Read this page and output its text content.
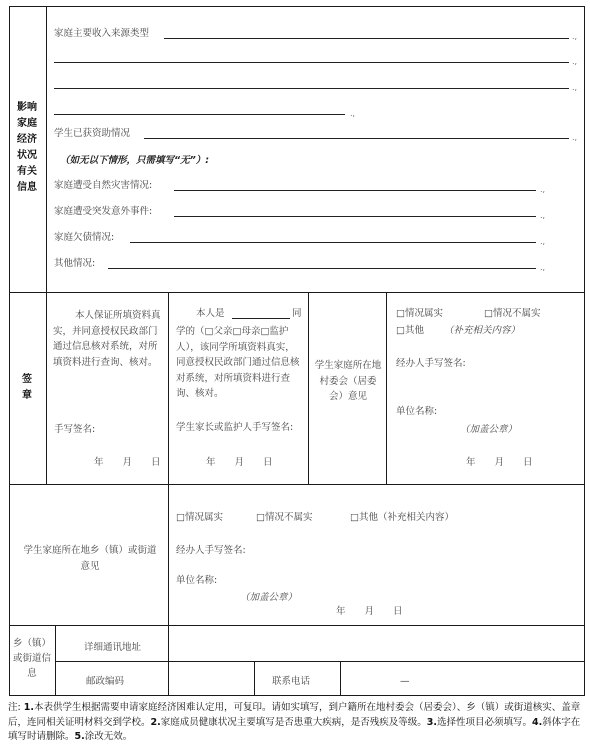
影响家庭经济状况有关信息
家庭主要收入来源类型	.,
.,
.,
.,
学生已获资助情况	.,
（如无以下情形，只需填写“无”）:
家庭遭受自然灾害情况:	.,
家庭遭受突发意外事件:	.,
家庭欠债情况:	.,
其他情况:	.,
签章
本人保证所填资料真实，并同意授权民政部门通过信息核对系统，对所填资料进行查询、核对。
手写签名:
年　　月　　日
本人是	同
学的（□父亲□母亲□监护人），该同学所填资料真实，同意授权民政部门通过信息核对系统，对所填资料进行查询、核对。
学生家长或监护人手写签名:
年　　月　　日
学生家庭所在地村委会（居委会）意见
□情况属实	□情况不属实
□其他 （补充相关内容）
经办人手写签名:
单位名称:
（加盖公章）
年　　月　　日
学生家庭所在地乡（镇）或街道意见
□情况属实	□情况不属实	□其他（补充相关内容）
经办人手写签名:
单位名称:
（加盖公章）
年　　月　　日
乡（镇）或街道信息
详细通讯地址
邮政编码	联系电话	—
注: 1.本表供学生根据需要申请家庭经济困难认定用，可复印。请如实填写，到户籍所在地村委会（居委会）、乡（镇）或街道核实、盖章后，连同相关证明材料交到学校。2.家庭成员健康状况主要填写是否患重大疾病，是否残疾及等级。3.选择性项目必须填写。4.斜体字在填写时请删除。5.涂改无效。
